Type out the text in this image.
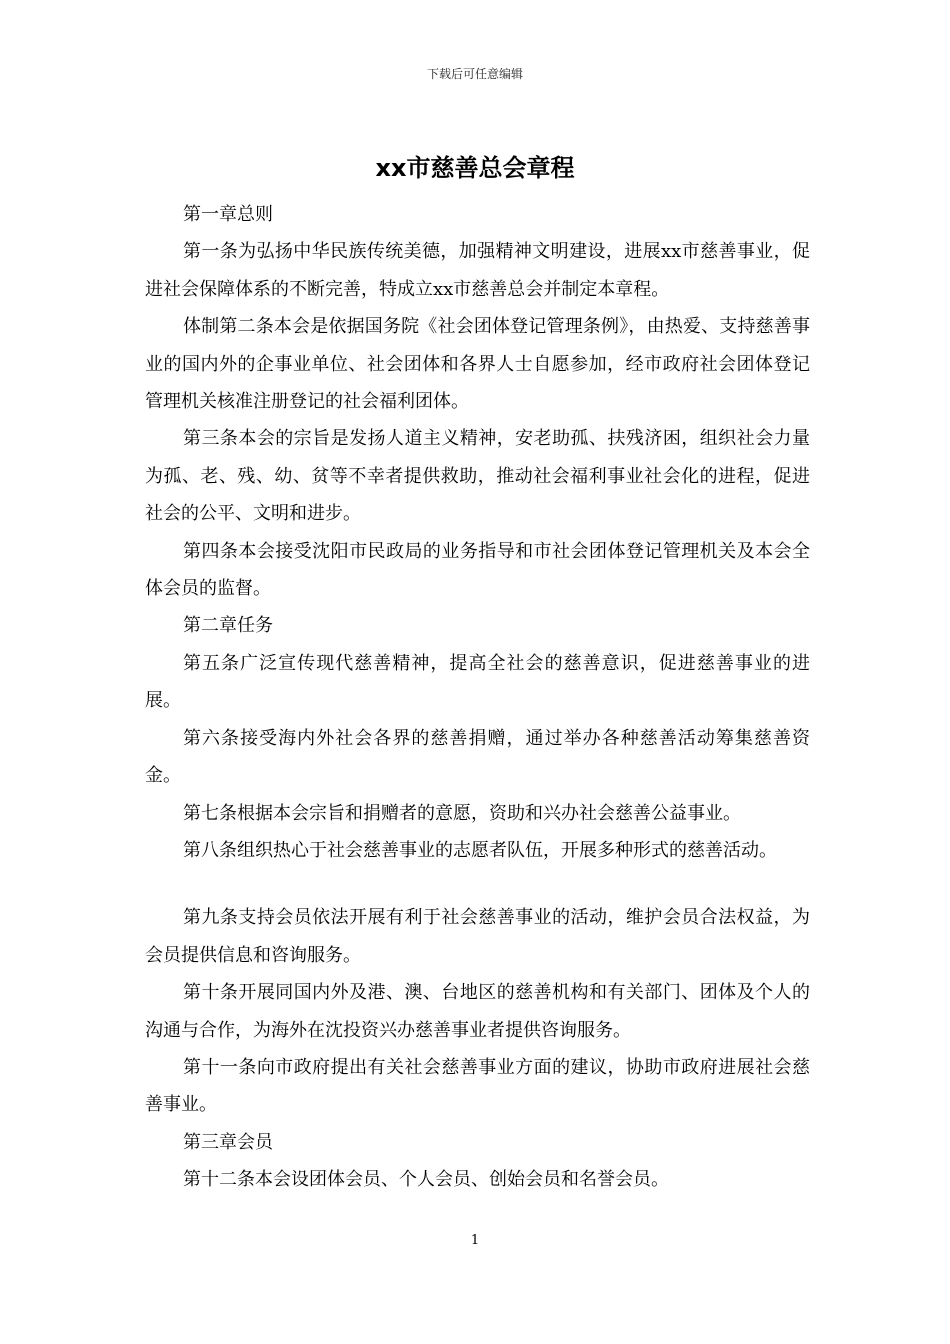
下载后可任意编辑
xx市慈善总会章程

第一章总则

第一条为弘扬中华民族传统美德，加强精神文明建设，进展xx市慈善事业，促进社会保障体系的不断完善，特成立xx市慈善总会并制定本章程。

体制第二条本会是依据国务院《社会团体登记管理条例》，由热爱、支持慈善事业的国内外的企事业单位、社会团体和各界人士自愿参加，经市政府社会团体登记管理机关核准注册登记的社会福利团体。

第三条本会的宗旨是发扬人道主义精神，安老助孤、扶残济困，组织社会力量为孤、老、残、幼、贫等不幸者提供救助，推动社会福利事业社会化的进程，促进社会的公平、文明和进步。

第四条本会接受沈阳市民政局的业务指导和市社会团体登记管理机关及本会全体会员的监督。

第二章任务

第五条广泛宣传现代慈善精神，提高全社会的慈善意识，促进慈善事业的进展。

第六条接受海内外社会各界的慈善捐赠，通过举办各种慈善活动筹集慈善资金。

第七条根据本会宗旨和捐赠者的意愿，资助和兴办社会慈善公益事业。

第八条组织热心于社会慈善事业的志愿者队伍，开展多种形式的慈善活动。

第九条支持会员依法开展有利于社会慈善事业的活动，维护会员合法权益，为会员提供信息和咨询服务。

第十条开展同国内外及港、澳、台地区的慈善机构和有关部门、团体及个人的沟通与合作，为海外在沈投资兴办慈善事业者提供咨询服务。

第十一条向市政府提出有关社会慈善事业方面的建议，协助市政府进展社会慈善事业。

第三章会员

第十二条本会设团体会员、个人会员、创始会员和名誉会员。

1
